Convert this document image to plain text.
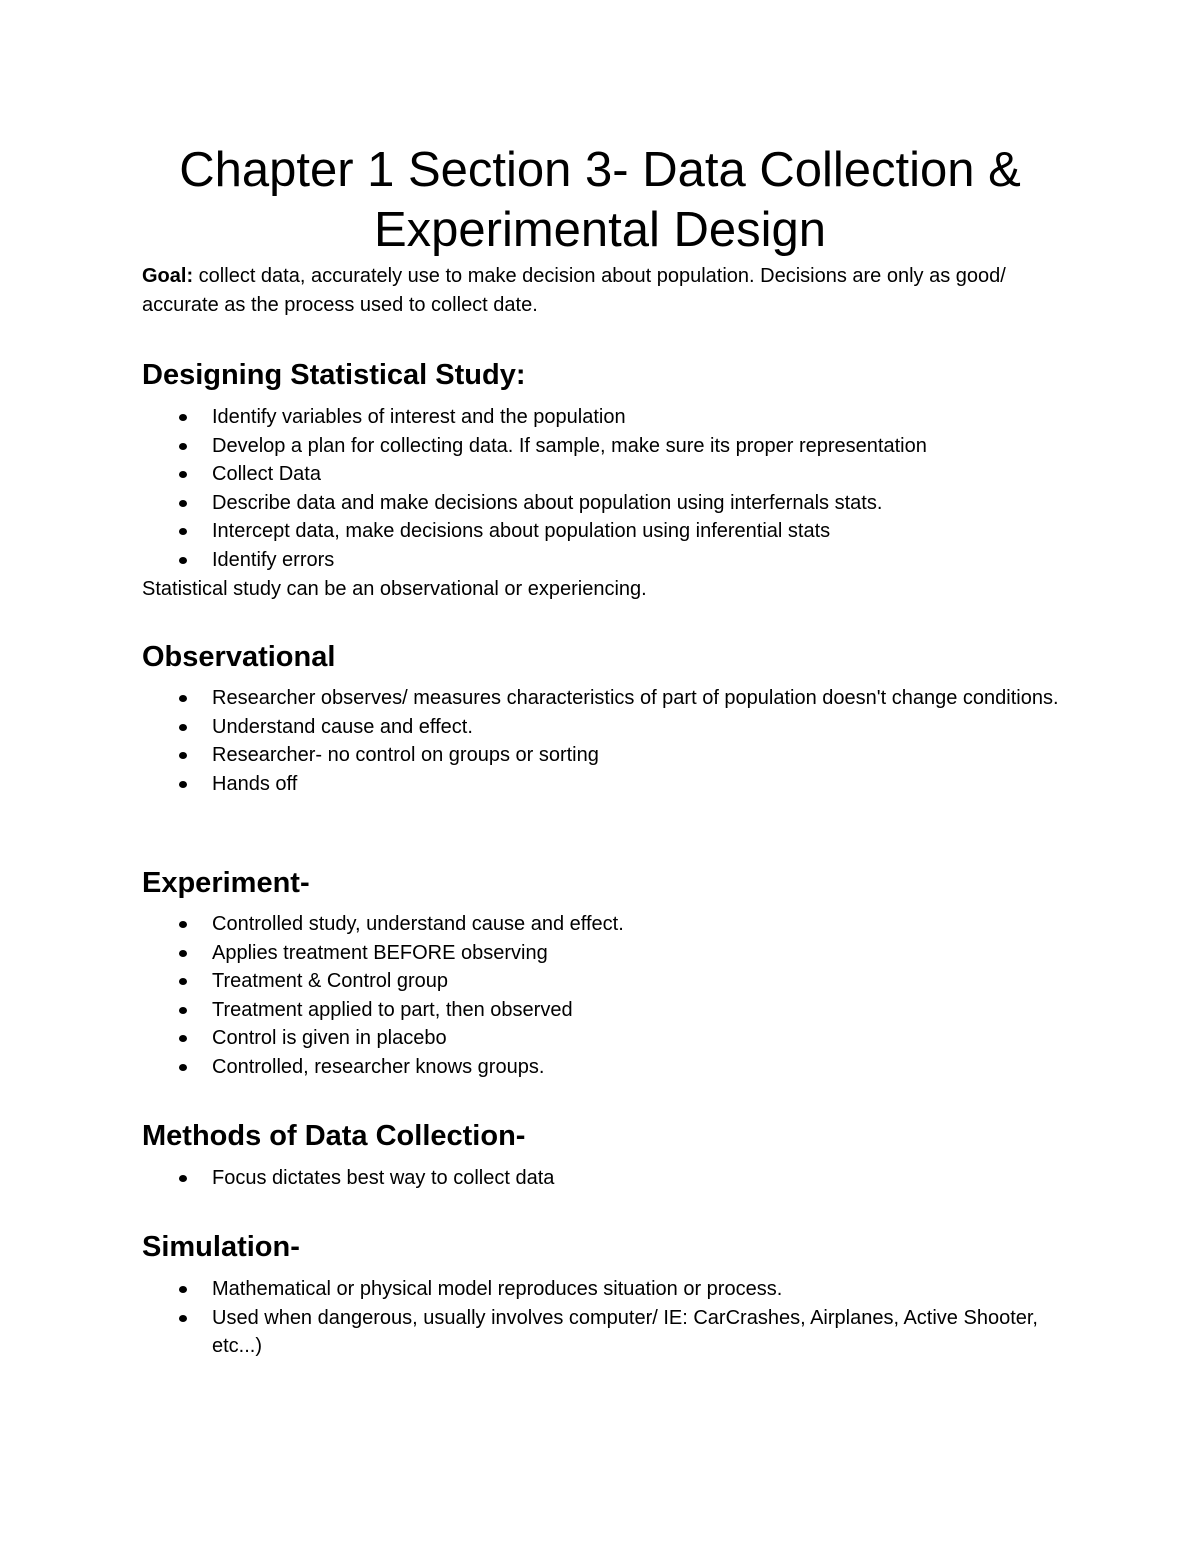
Chapter 1 Section 3- Data Collection & Experimental Design

Goal: collect data, accurately use to make decision about population. Decisions are only as good/ accurate as the process used to collect date.

Designing Statistical Study:
Identify variables of interest and the population
Develop a plan for collecting data. If sample, make sure its proper representation
Collect Data
Describe data and make decisions about population using interfernals stats.
Intercept data, make decisions about population using inferential stats
Identify errors

Statistical study can be an observational or experiencing.

Observational
Researcher observes/ measures characteristics of part of population doesn't change conditions.
Understand cause and effect.
Researcher- no control on groups or sorting
Hands off
Experiment-
Controlled study, understand cause and effect.
Applies treatment BEFORE observing
Treatment & Control group
Treatment applied to part, then observed
Control is given in placebo
Controlled, researcher knows groups.
Methods of Data Collection-
Focus dictates best way to collect data
Simulation-
Mathematical or physical model reproduces situation or process.
Used when dangerous, usually involves computer/ IE: CarCrashes, Airplanes, Active Shooter, etc...)
